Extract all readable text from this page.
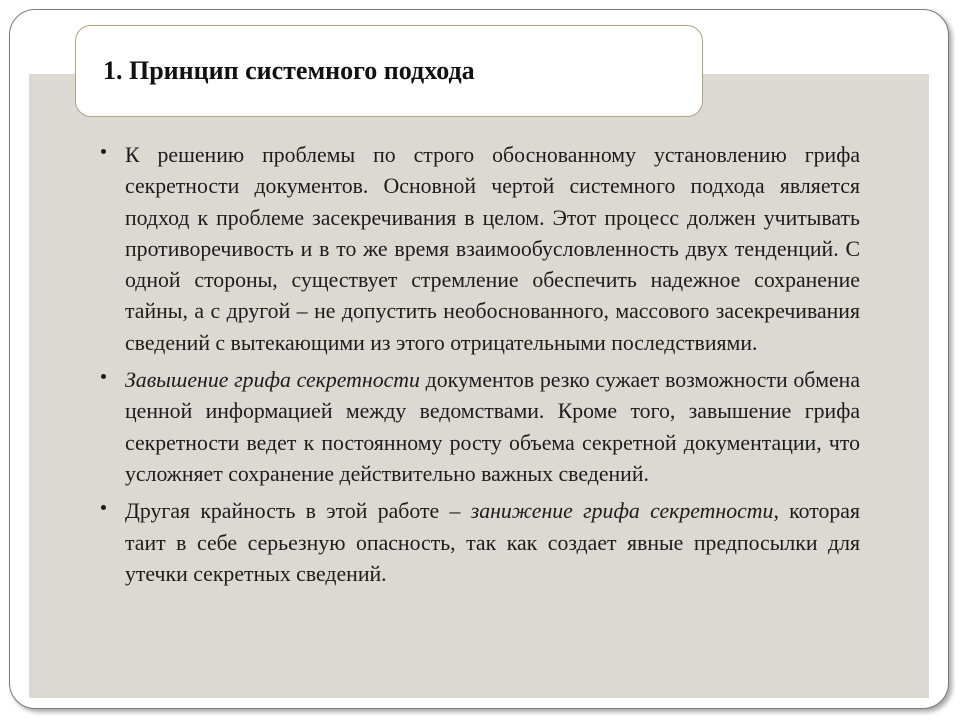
1. Принцип системного подхода
К решению проблемы по строго обоснованному установлению грифа секретности документов. Основной чертой системного подхода является подход к проблеме засекречивания в целом. Этот процесс должен учитывать противоречивость и в то же время взаимообусловленность двух тенденций. С одной стороны, существует стремление обеспечить надежное сохранение тайны, а с другой – не допустить необоснованного, массового засекречивания сведений с вытекающими из этого отрицательными последствиями.
Завышение грифа секретности документов резко сужает возможности обмена ценной информацией между ведомствами. Кроме того, завышение грифа секретности ведет к постоянному росту объема секретной документации, что усложняет сохранение действительно важных сведений.
Другая крайность в этой работе – занижение грифа секретности, которая таит в себе серьезную опасность, так как создает явные предпосылки для утечки секретных сведений.
